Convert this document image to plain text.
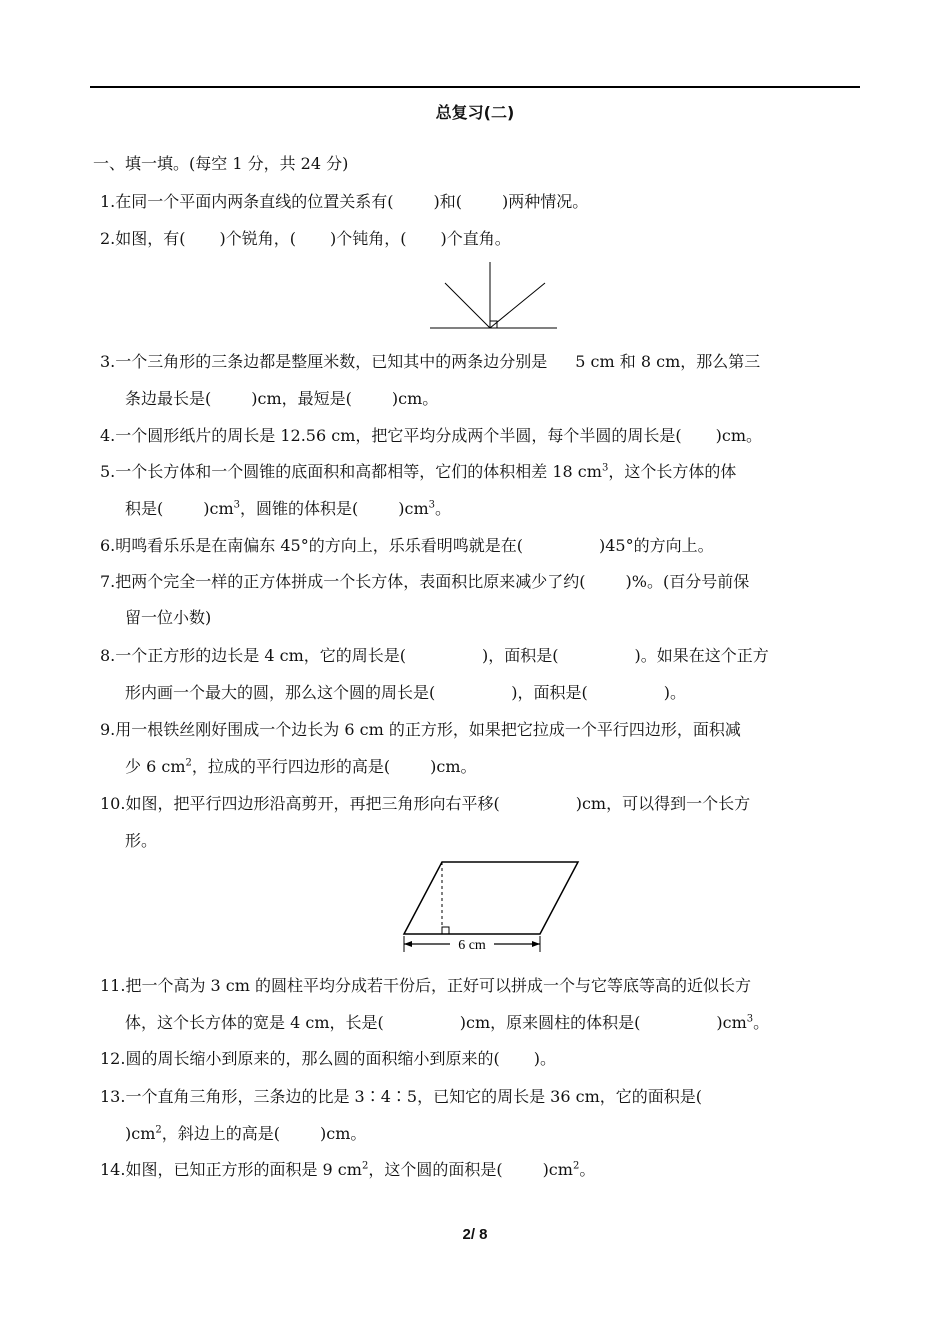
总复习(二)
一、填一填。(每空 1 分，共 24 分)
1.在同一个平面内两条直线的位置关系有(	)和(	)两种情况。
2.如图，有( )个锐角，( )个钝角，( )个直角。
3.一个三角形的三条边都是整厘米数，已知其中的两条边分别是 5 cm 和 8 cm，那么第三
条边最长是(	)cm，最短是(	)cm。
4.一个圆形纸片的周长是 12.56 cm，把它平均分成两个半圆，每个半圆的周长是( )cm。
5.一个长方体和一个圆锥的底面积和高都相等，它们的体积相差 18 $cm^3$，这个长方体的体
积是(	)$cm^3$，圆锥的体积是(	)$cm^3$。
6.明鸣看乐乐是在南偏东 45°的方向上，乐乐看明鸣就是在(	)45°的方向上。
7.把两个完全一样的正方体拼成一个长方体，表面积比原来减少了约(	)%。(百分号前保
留一位小数)
8.一个正方形的边长是 4 cm，它的周长是(	)，面积是(	)。如果在这个正方
形内画一个最大的圆，那么这个圆的周长是(	)，面积是(	)。
9.用一根铁丝刚好围成一个边长为 6 cm 的正方形，如果把它拉成一个平行四边形，面积减
少 6 $cm^2$，拉成的平行四边形的高是(	)cm。
10.如图，把平行四边形沿高剪开，再把三角形向右平移(	)cm，可以得到一个长方
形。
6 cm
11.把一个高为 3 cm 的圆柱平均分成若干份后，正好可以拼成一个与它等底等高的近似长方
体，这个长方体的宽是 4 cm，长是(	)cm，原来圆柱的体积是(	)$cm^3$。
12.圆的周长缩小到原来的，那么圆的面积缩小到原来的( )。
13.一个直角三角形，三条边的比是 3∶4∶5，已知它的周长是 36 cm，它的面积是(
)$cm^2$，斜边上的高是(	)cm。
14.如图，已知正方形的面积是 9 $cm^2$，这个圆的面积是(	)$cm^2$。
2/ 8
